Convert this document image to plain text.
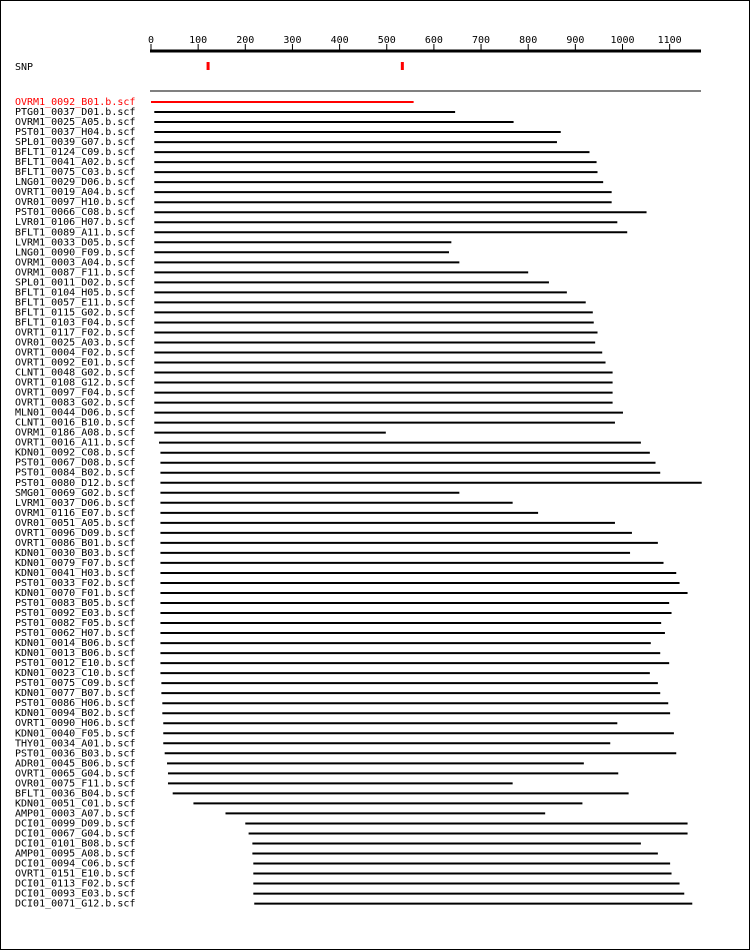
0	100	200	300	400	500	600	700	800	900	1000 1100
SNP
OVRM1_0092_B01.b.scf
PTG01_0037_D01.b.scf
OVRM1_0025_A05.b.scf
PST01_0037_H04.b.scf
SPL01_0039_G07.b.scf
BFLT1_0124_C09.b.scf
BFLT1_0041_A02.b.scf
BFLT1_0075_C03.b.scf
LNG01_0029_D06.b.scf
OVRT1_0019_A04.b.scf
OVR01_0097_H10.b.scf
PST01_0066_C08.b.scf
LVR01_0106_H07.b.scf
BFLT1_0089_A11.b.scf
LVRM1_0033_D05.b.scf
LNG01_0090_F09.b.scf
OVRM1_0003_A04.b.scf
OVRM1_0087_F11.b.scf
SPL01_0011_D02.b.scf
BFLT1_0104_H05.b.scf
BFLT1_0057_E11.b.scf
BFLT1_0115_G02.b.scf
BFLT1_0103_F04.b.scf
OVRT1_0117_F02.b.scf
OVR01_0025_A03.b.scf
OVRT1_0004_F02.b.scf
OVRT1_0092_E01.b.scf
CLNT1_0048_G02.b.scf
OVRT1_0108_G12.b.scf
OVRT1_0097_F04.b.scf
OVRT1_0083_G02.b.scf
MLN01_0044_D06.b.scf
CLNT1_0016_B10.b.scf
OVRM1_0186_A08.b.scf
OVRT1_0016_A11.b.scf
KDN01_0092_C08.b.scf
PST01_0067_D08.b.scf
PST01_0084_B02.b.scf
PST01_0080_D12.b.scf
SMG01_0069_G02.b.scf
LVRM1_0037_D06.b.scf
OVRM1_0116_E07.b.scf
OVR01_0051_A05.b.scf
OVRT1_0096_D09.b.scf
OVRT1_0086_B01.b.scf
KDN01_0030_B03.b.scf
KDN01_0079_F07.b.scf
KDN01_0041_H03.b.scf
PST01_0033_F02.b.scf
KDN01_0070_F01.b.scf
PST01_0083_B05.b.scf
PST01_0092_E03.b.scf
PST01_0082_F05.b.scf
PST01_0062_H07.b.scf
KDN01_0014_B06.b.scf
KDN01_0013_B06.b.scf
PST01_0012_E10.b.scf
KDN01_0023_C10.b.scf
PST01_0075_C09.b.scf
KDN01_0077_B07.b.scf
PST01_0086_H06.b.scf
KDN01_0094_B02.b.scf
OVRT1_0090_H06.b.scf
KDN01_0040_F05.b.scf
THY01_0034_A01.b.scf
PST01_0036_B03.b.scf
ADR01_0045_B06.b.scf
OVRT1_0065_G04.b.scf
OVR01_0075_F11.b.scf
BFLT1_0036_B04.b.scf
KDN01_0051_C01.b.scf
AMP01_0003_A07.b.scf
DCI01_0099_D09.b.scf
DCI01_0067_G04.b.scf
DCI01_0101_B08.b.scf
AMP01_0095_A08.b.scf
DCI01_0094_C06.b.scf
OVRT1_0151_E10.b.scf
DCI01_0113_F02.b.scf
DCI01_0093_E03.b.scf
DCI01_0071_G12.b.scf
